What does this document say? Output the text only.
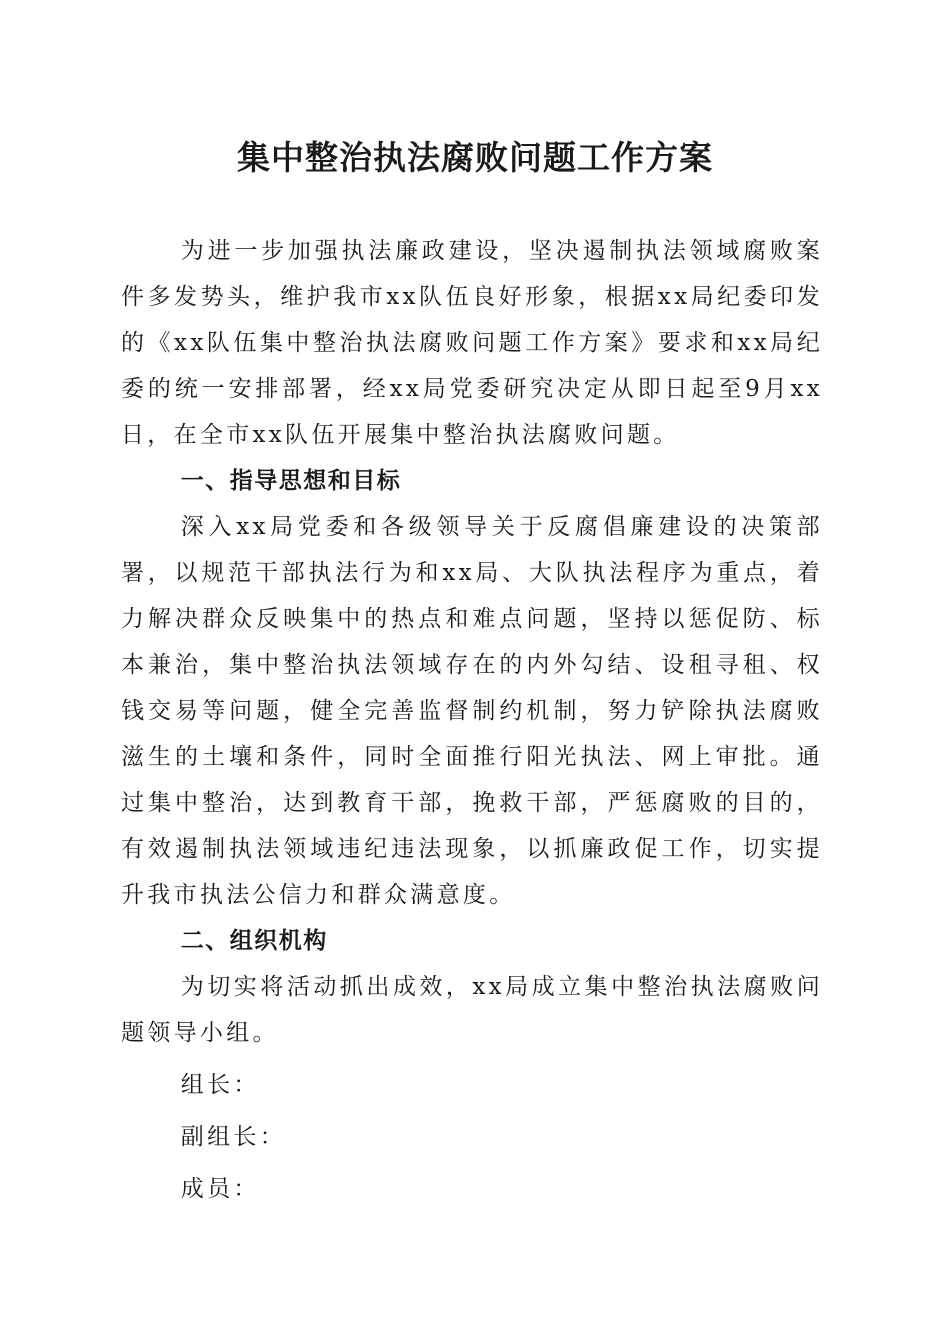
集中整治执法腐败问题工作方案

为进一步加强执法廉政建设，坚决遏制执法领域腐败案件多发势头，维护我市xx队伍良好形象，根据xx局纪委印发的《xx队伍集中整治执法腐败问题工作方案》要求和xx局纪委的统一安排部署，经xx局党委研究决定从即日起至9月xx日，在全市xx队伍开展集中整治执法腐败问题。

一、指导思想和目标

深入xx局党委和各级领导关于反腐倡廉建设的决策部署，以规范干部执法行为和xx局、大队执法程序为重点，着力解决群众反映集中的热点和难点问题，坚持以惩促防、标本兼治，集中整治执法领域存在的内外勾结、设租寻租、权钱交易等问题，健全完善监督制约机制，努力铲除执法腐败滋生的土壤和条件，同时全面推行阳光执法、网上审批。通过集中整治，达到教育干部，挽救干部，严惩腐败的目的，有效遏制执法领域违纪违法现象，以抓廉政促工作，切实提升我市执法公信力和群众满意度。

二、组织机构

为切实将活动抓出成效，xx局成立集中整治执法腐败问题领导小组。

组长：

副组长：

成员：
